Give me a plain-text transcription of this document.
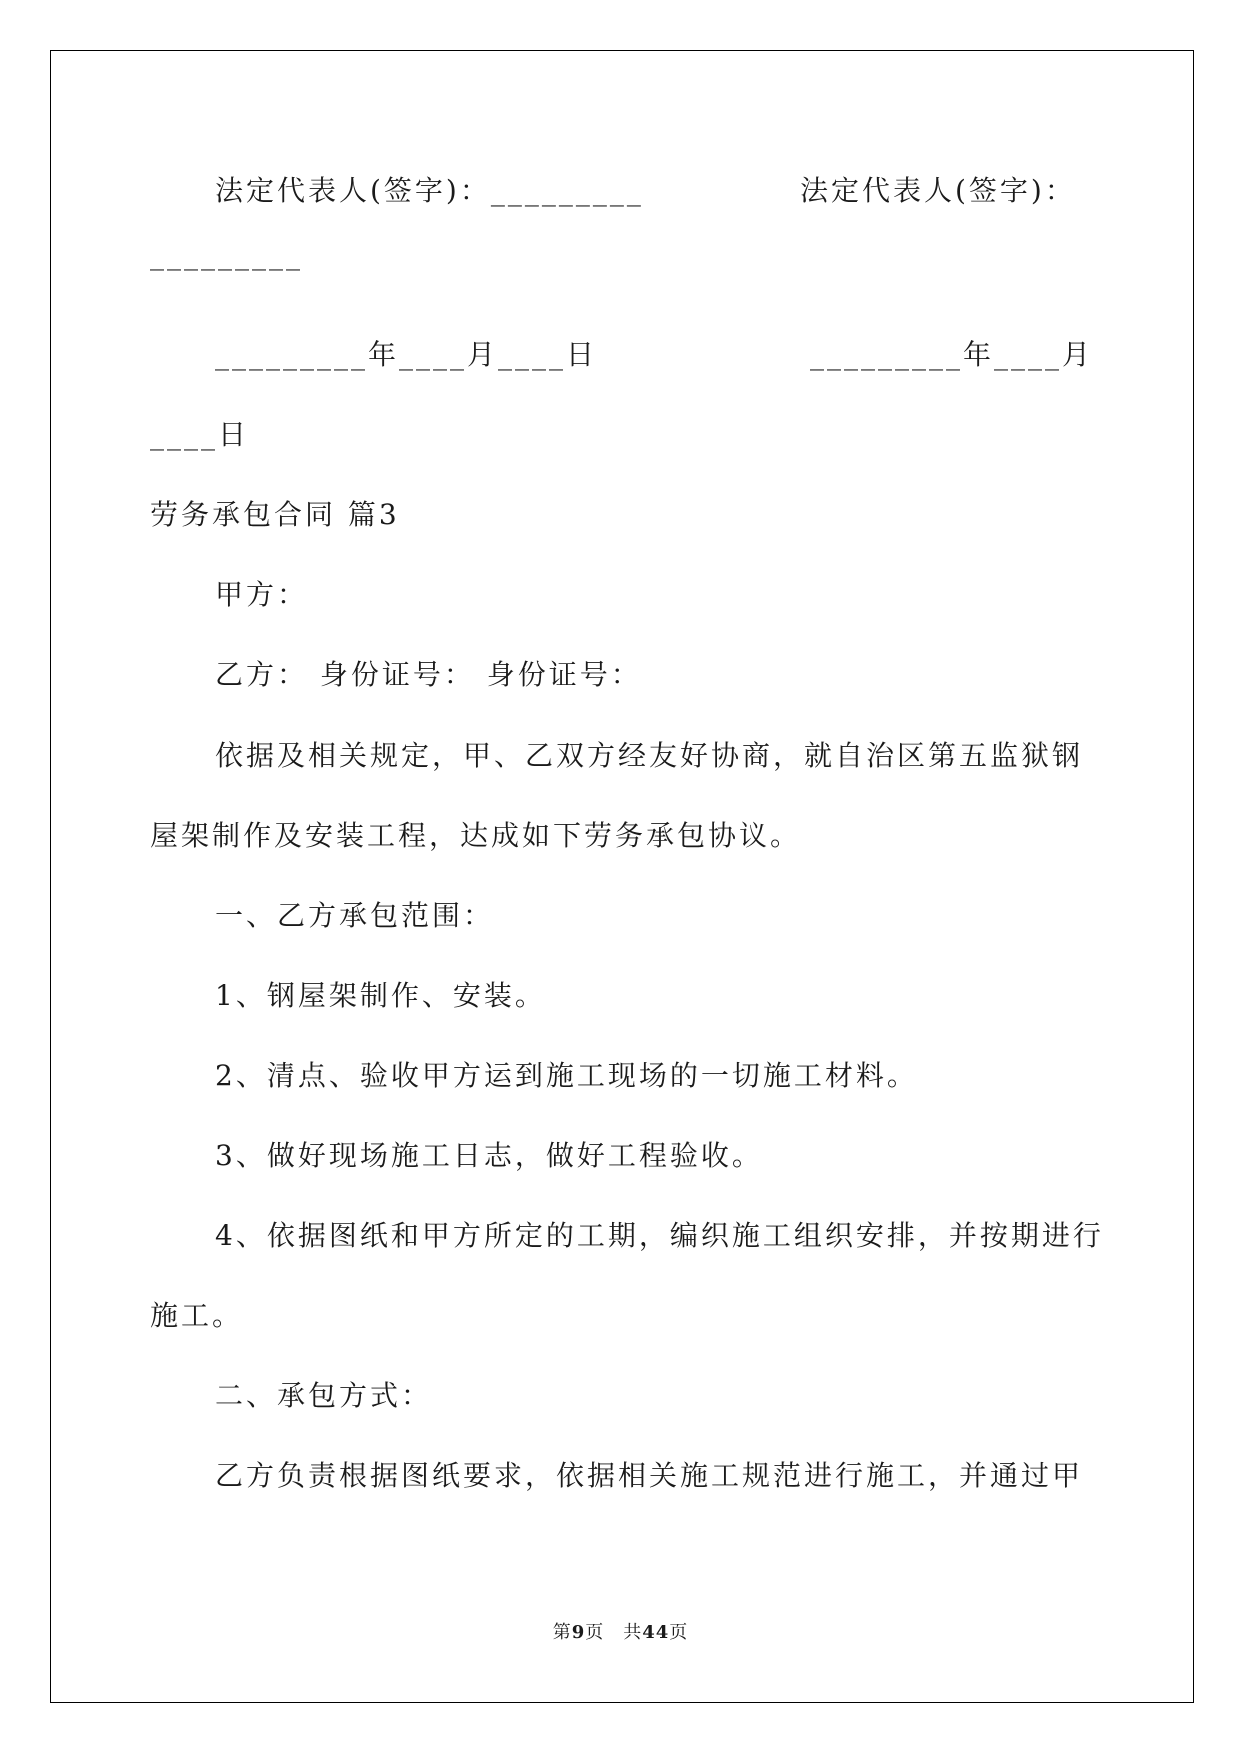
法定代表人(签字)：_________	法定代表人(签字)：
_________
_________年____月____日	_________年____月
____日
劳务承包合同 篇3
甲方：
乙方： 身份证号： 身份证号：
依据及相关规定，甲、乙双方经友好协商，就自治区第五监狱钢
屋架制作及安装工程，达成如下劳务承包协议。
一、乙方承包范围：
1、钢屋架制作、安装。
2、清点、验收甲方运到施工现场的一切施工材料。
3、做好现场施工日志，做好工程验收。
4、依据图纸和甲方所定的工期，编织施工组织安排，并按期进行
施工。
二、承包方式：
乙方负责根据图纸要求，依据相关施工规范进行施工，并通过甲
第9页　共44页
